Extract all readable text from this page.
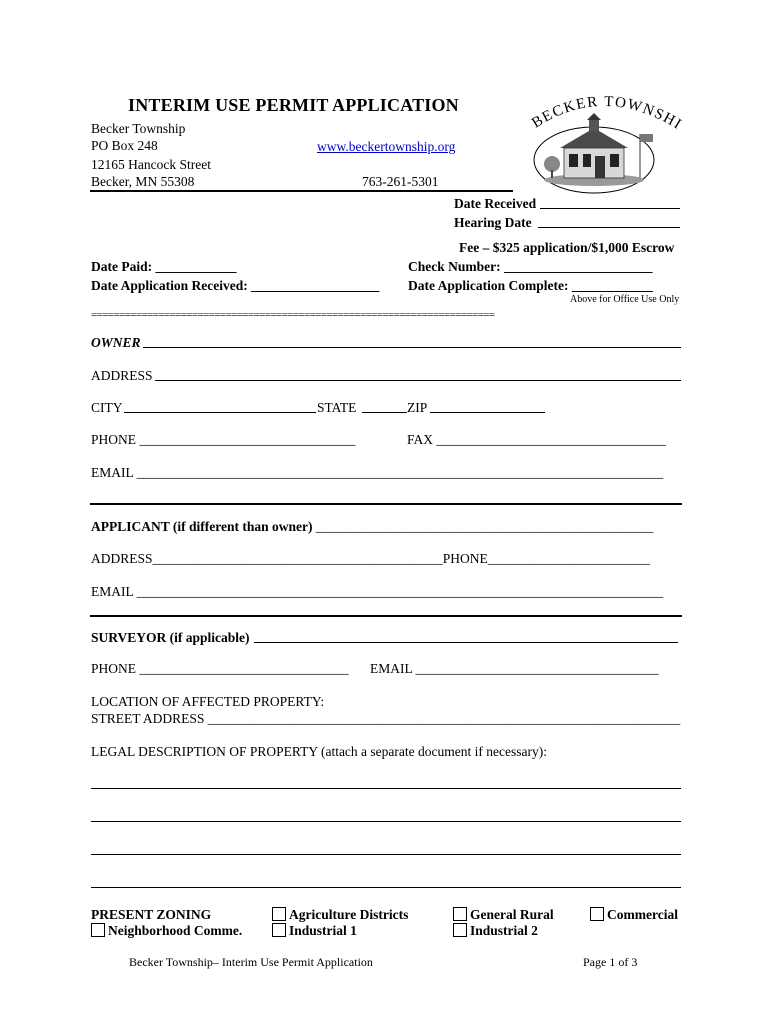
INTERIM USE PERMIT APPLICATION
Becker Township
PO Box 248
12165 Hancock Street
Becker, MN 55308
www.beckertownship.org
763-261-5301
BECKER TOWNSHI
Date Received
Hearing Date
Fee – $325 application/$1,000 Escrow
Date Paid: ____________	Check Number: ______________________
Date Application Received: ___________________ Date Application Complete: ____________
Above for Office Use Only
========================================================================
OWNER
ADDRESS
CITY	STATE	ZIP
PHONE ________________________________	FAX __________________________________
EMAIL ______________________________________________________________________________
APPLICANT (if different than owner) __________________________________________________
ADDRESS___________________________________________PHONE________________________
EMAIL ______________________________________________________________________________
SURVEYOR (if applicable)
PHONE _______________________________ EMAIL ____________________________________
LOCATION OF AFFECTED PROPERTY:
STREET ADDRESS ______________________________________________________________________
LEGAL DESCRIPTION OF PROPERTY (attach a separate document if necessary):
PRESENT ZONING	Agriculture Districts	General Rural	Commercial
Neighborhood Comme.	Industrial 1	Industrial 2
Becker Township– Interim Use Permit Application	Page 1 of 3
